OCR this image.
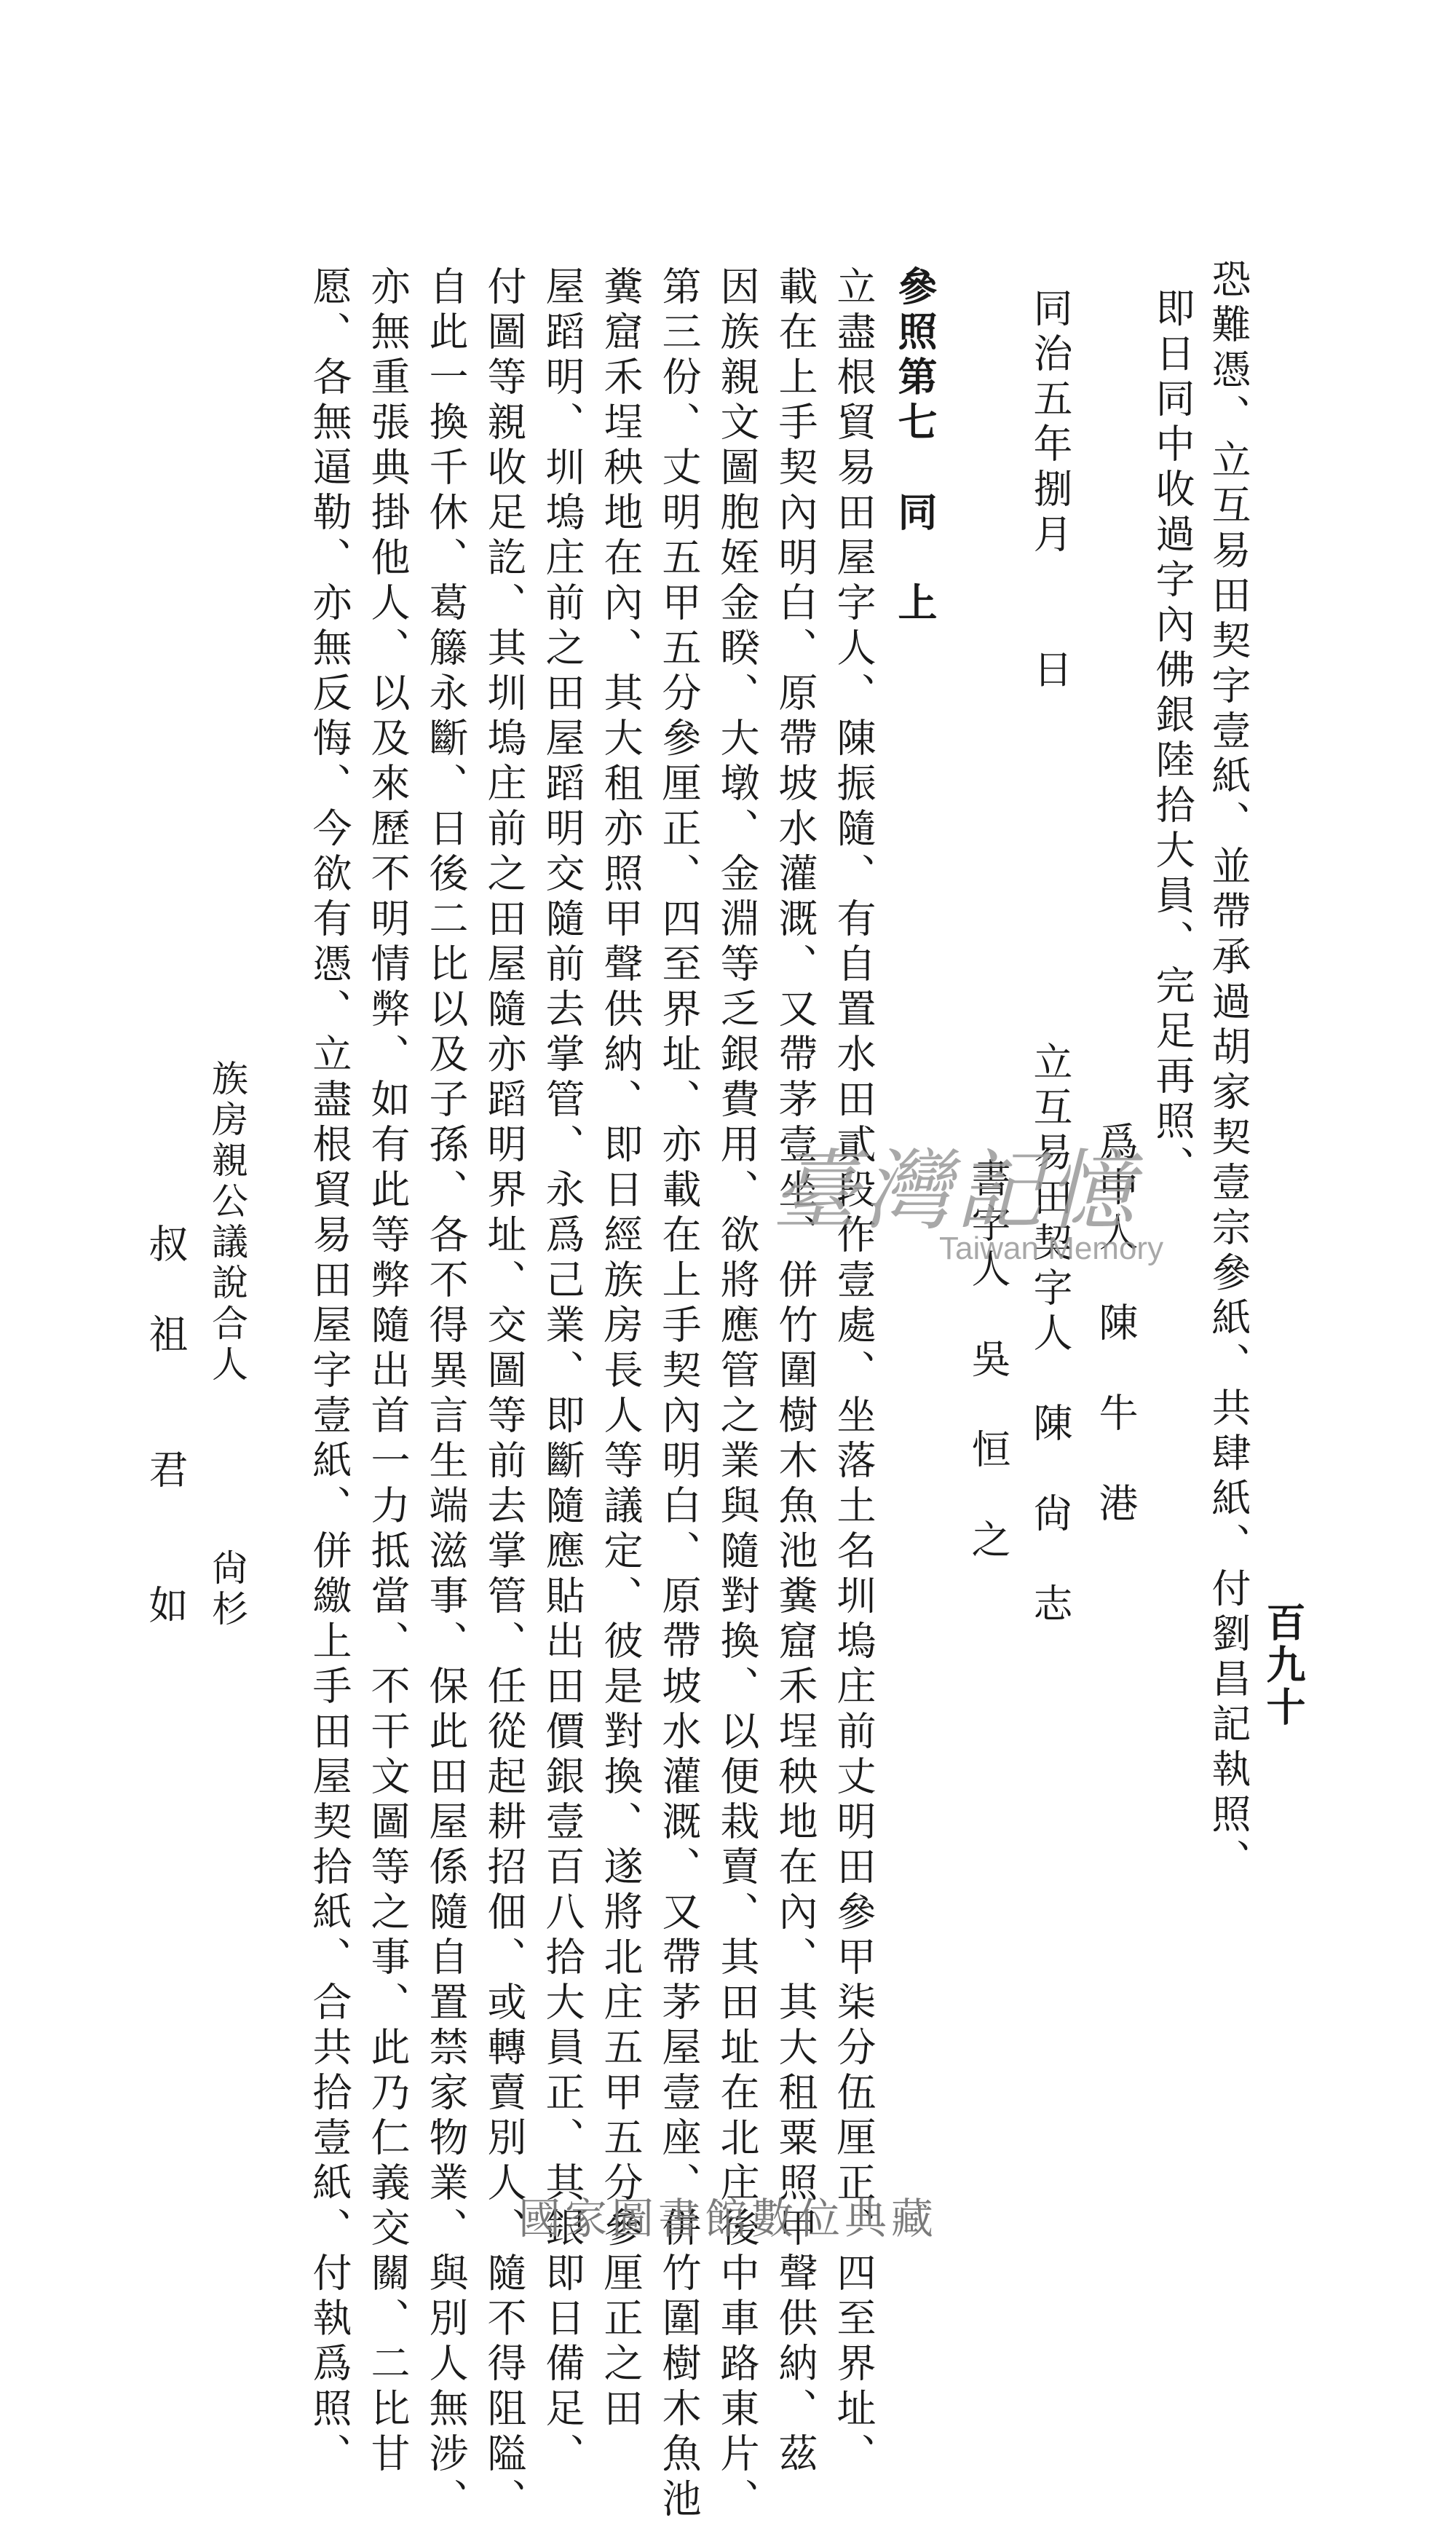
百九十
恐難憑、立互易田契字壹紙、並帶承過胡家契壹宗參紙、共肆紙、付劉昌記執照、
即日同中收過字內佛銀陸拾大員、完足再照、
爲中人　陳　牛　港
同治五年捌月　　日
立互易田契字人　陳　尙　志
書字人　吳　恒　之
參照第七　同　上
立盡根貿易田屋字人、陳振隨、有自置水田貳段作壹處、坐落土名圳塢庄前丈明田參甲柒分伍厘正、四至界址、
載在上手契內明白、原帶坡水灌溉、又帶茅壹坐、併竹圍樹木魚池糞窟禾埕秧地在內、其大租粟照甲聲供納、茲
因族親文圖胞姪金睽、大墩、金淵等乏銀費用、欲將應管之業與隨對換、以便栽賣、其田址在北庄後中車路東片、
第三份、丈明五甲五分參厘正、四至界址、亦載在上手契內明白、原帶坡水灌溉、又帶茅屋壹座、併竹圍樹木魚池
糞窟禾埕秧地在內、其大租亦照甲聲供納、即日經族房長人等議定、彼是對換、遂將北庄五甲五分參厘正之田
屋蹈明、圳塢庄前之田屋蹈明交隨前去掌管、永爲己業、即斷隨應貼出田價銀壹百八拾大員正、其銀即日備足、
付圖等親收足訖、其圳塢庄前之田屋隨亦蹈明界址、交圖等前去掌管、任從起耕招佃、或轉賣別人、隨不得阻隘、
自此一換千休、葛籐永斷、日後二比以及子孫、各不得異言生端滋事、保此田屋係隨自置禁家物業、與別人無涉、
亦無重張典掛他人、以及來歷不明情弊、如有此等弊隨出首一力抵當、不干文圖等之事、此乃仁義交關、二比甘
愿、各無逼勒、亦無反悔、今欲有憑、立盡根貿易田屋字壹紙、併繳上手田屋契拾紙、合共拾壹紙、付執爲照、
族房親公議說合人　　　　尙杉
叔　祖　　君　　如
臺灣記憶
Taiwan Memory
國家圖書館數位典藏
